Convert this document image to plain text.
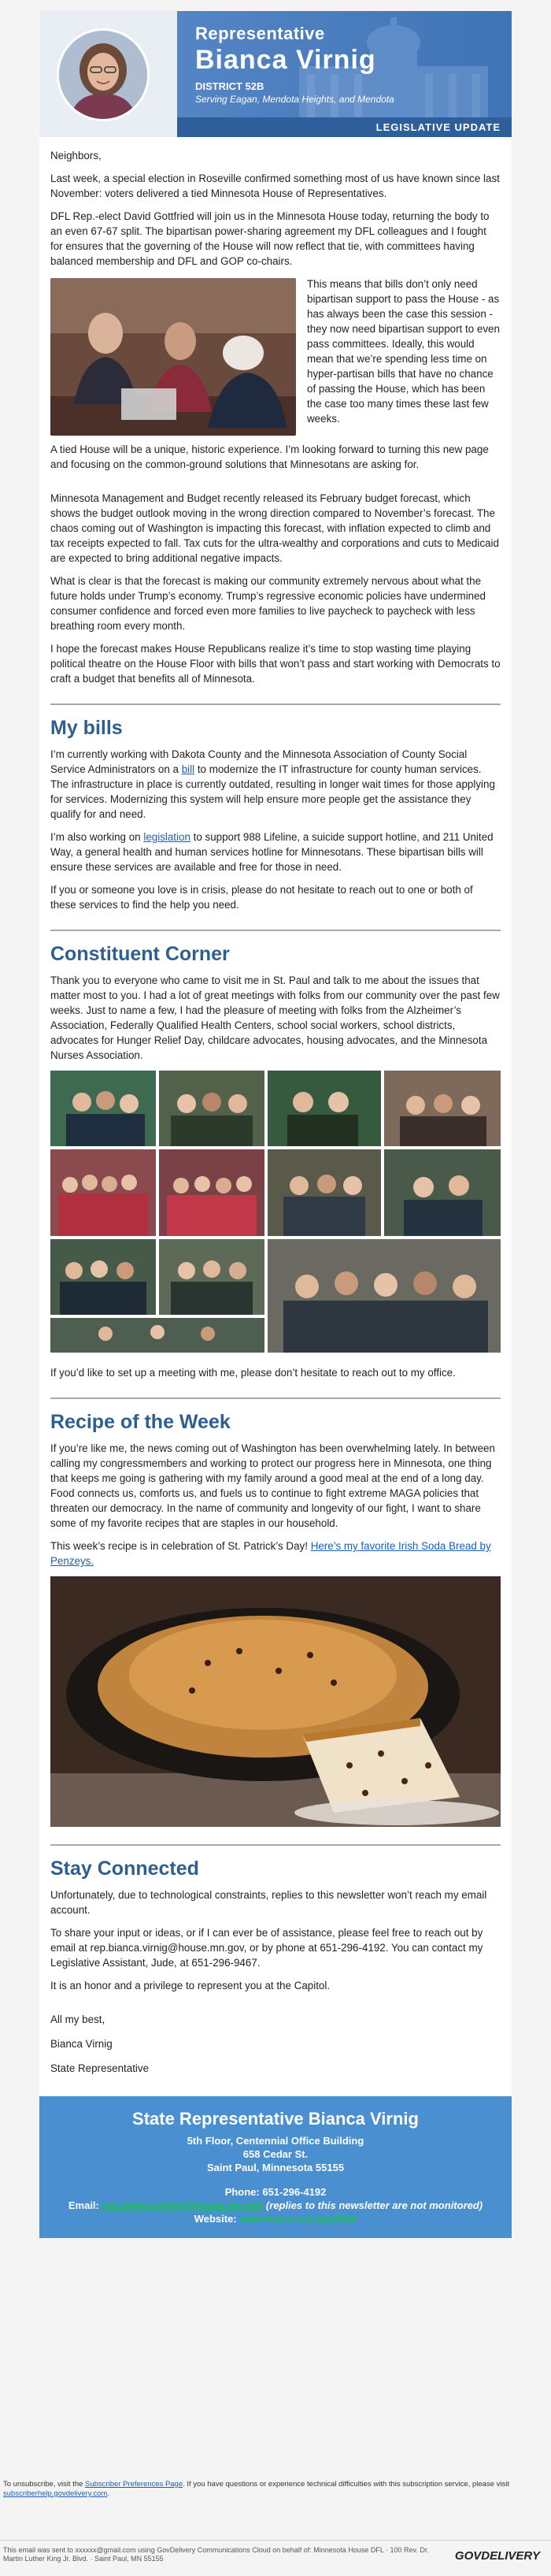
Representative
Bianca Virnig
DISTRICT 52B
Serving Eagan, Mendota Heights, and Mendota
LEGISLATIVE UPDATE

Neighbors,

Last week, a special election in Roseville confirmed something most of us have known since last November: voters delivered a tied Minnesota House of Representatives.

DFL Rep.-elect David Gottfried will join us in the Minnesota House today, returning the body to an even 67-67 split. The bipartisan power-sharing agreement my DFL colleagues and I fought for ensures that the governing of the House will now reflect that tie, with committees having balanced membership and DFL and GOP co-chairs.

This means that bills don’t only need bipartisan support to pass the House - as has always been the case this session - they now need bipartisan support to even pass committees. Ideally, this would mean that we’re spending less time on hyper-partisan bills that have no chance of passing the House, which has been the case too many times these last few weeks.

A tied House will be a unique, historic experience. I’m looking forward to turning this new page and focusing on the common-ground solutions that Minnesotans are asking for.

Minnesota Management and Budget recently released its February budget forecast, which shows the budget outlook moving in the wrong direction compared to November’s forecast. The chaos coming out of Washington is impacting this forecast, with inflation expected to climb and tax receipts expected to fall. Tax cuts for the ultra-wealthy and corporations and cuts to Medicaid are expected to bring additional negative impacts.

What is clear is that the forecast is making our community extremely nervous about what the future holds under Trump’s economy. Trump’s regressive economic policies have undermined consumer confidence and forced even more families to live paycheck to paycheck with less breathing room every month.

I hope the forecast makes House Republicans realize it’s time to stop wasting time playing political theatre on the House Floor with bills that won’t pass and start working with Democrats to craft a budget that benefits all of Minnesota.

My bills

I’m currently working with Dakota County and the Minnesota Association of County Social Service Administrators on a bill to modernize the IT infrastructure for county human services. The infrastructure in place is currently outdated, resulting in longer wait times for those applying for services. Modernizing this system will help ensure more people get the assistance they qualify for and need.

I’m also working on legislation to support 988 Lifeline, a suicide support hotline, and 211 United Way, a general health and human services hotline for Minnesotans. These bipartisan bills will ensure these services are available and free for those in need.

If you or someone you love is in crisis, please do not hesitate to reach out to one or both of these services to find the help you need.

Constituent Corner

Thank you to everyone who came to visit me in St. Paul and talk to me about the issues that matter most to you. I had a lot of great meetings with folks from our community over the past few weeks. Just to name a few, I had the pleasure of meeting with folks from the Alzheimer’s Association, Federally Qualified Health Centers, school social workers, school districts, advocates for Hunger Relief Day, childcare advocates, housing advocates, and the Minnesota Nurses Association.

If you’d like to set up a meeting with me, please don’t hesitate to reach out to my office.

Recipe of the Week

If you’re like me, the news coming out of Washington has been overwhelming lately. In between calling my congressmembers and working to protect our progress here in Minnesota, one thing that keeps me going is gathering with my family around a good meal at the end of a long day. Food connects us, comforts us, and fuels us to continue to fight extreme MAGA policies that threaten our democracy. In the name of community and longevity of our fight, I want to share some of my favorite recipes that are staples in our household.

This week’s recipe is in celebration of St. Patrick’s Day! Here’s my favorite Irish Soda Bread by Penzeys.

Stay Connected

Unfortunately, due to technological constraints, replies to this newsletter won’t reach my email account.

To share your input or ideas, or if I can ever be of assistance, please feel free to reach out by email at rep.bianca.virnig@house.mn.gov, or by phone at 651-296-4192. You can contact my Legislative Assistant, Jude, at 651-296-9467.

It is an honor and a privilege to represent you at the Capitol.

All my best,

Bianca Virnig

State Representative

State Representative Bianca Virnig
5th Floor, Centennial Office Building
658 Cedar St.
Saint Paul, Minnesota 55155
Phone: 651-296-4192
Email: rep.bianca.virnig@house.mn.gov (replies to this newsletter are not monitored)
Website: www.house.mn.gov/52B
To unsubscribe, visit the Subscriber Preferences Page. If you have questions or experience technical difficulties with this subscription service, please visit subscriberhelp.govdelivery.com.
This email was sent to xxxxxx@gmail.com using GovDelivery Communications Cloud on behalf of: Minnesota House DFL · 100 Rev. Dr. Martin Luther King Jr. Blvd. · Saint Paul, MN 55155	GOVDELIVERY
